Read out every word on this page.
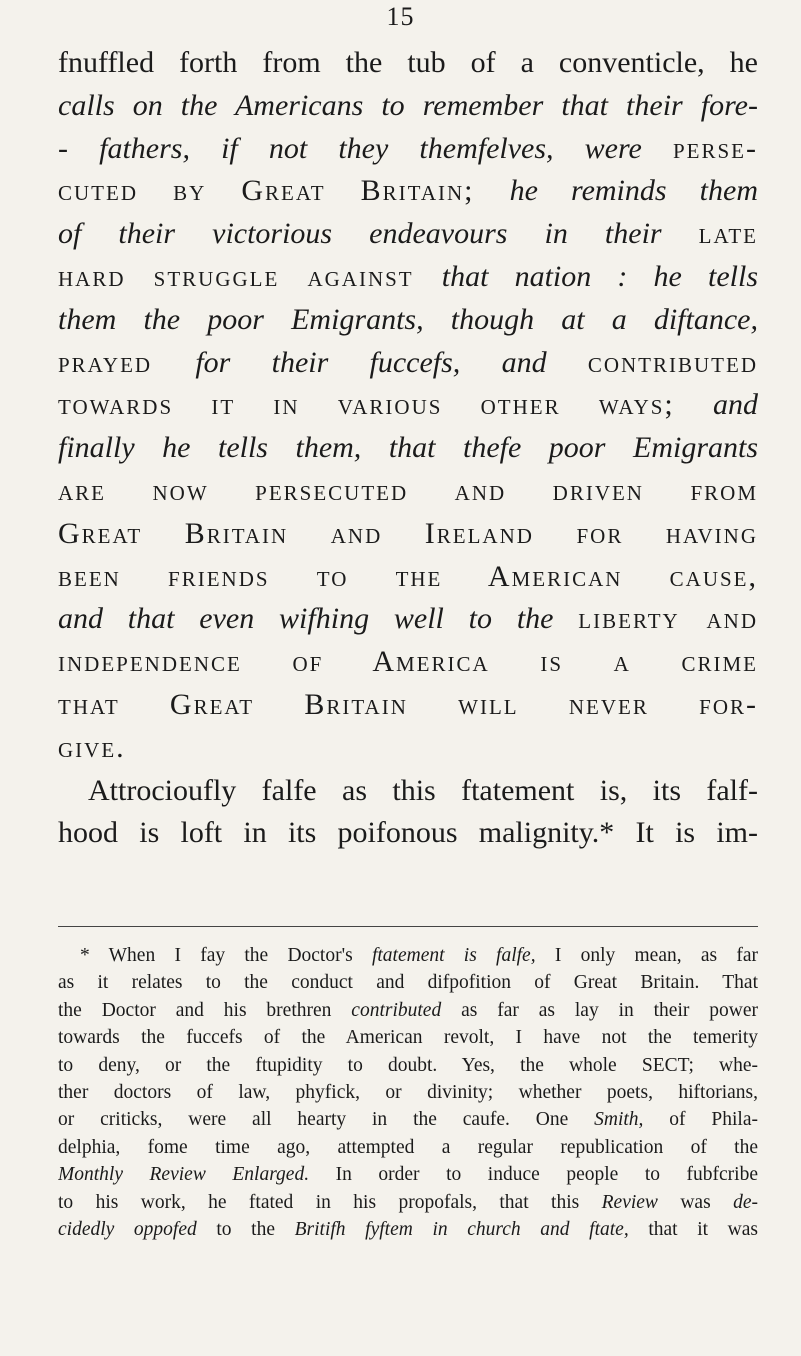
15
fnuffled forth from the tub of a conventicle, he
calls on the Americans to remember that their fore-
- fathers, if not they themfelves, were perse-
cuted by Great Britain; he reminds them
of their victorious endeavours in their late
hard struggle against that nation : he tells
them the poor Emigrants, though at a diftance,
prayed for their fuccefs, and contributed
towards it in various other ways; and
finally he tells them, that thefe poor Emigrants
are now persecuted and driven from
Great Britain and Ireland for having
been friends to the American cause,
and that even wifhing well to the liberty and
independence of America is a crime
that Great Britain will never for-
give.
Attrocioufly falfe as this ftatement is, its falf-
hood is loft in its poifonous malignity.* It is im-
* When I fay the Doctor's ftatement is falfe, I only mean, as far
as it relates to the conduct and difpofition of Great Britain. That
the Doctor and his brethren contributed as far as lay in their power
towards the fuccefs of the American revolt, I have not the temerity
to deny, or the ftupidity to doubt. Yes, the whole SECT; whe-
ther doctors of law, phyfick, or divinity; whether poets, hiftorians,
or criticks, were all hearty in the caufe. One Smith, of Phila-
delphia, fome time ago, attempted a regular republication of the
Monthly Review Enlarged. In order to induce people to fubfcribe
to his work, he ftated in his propofals, that this Review was de-
cidedly oppofed to the Britifh fyftem in church and ftate, that it was
